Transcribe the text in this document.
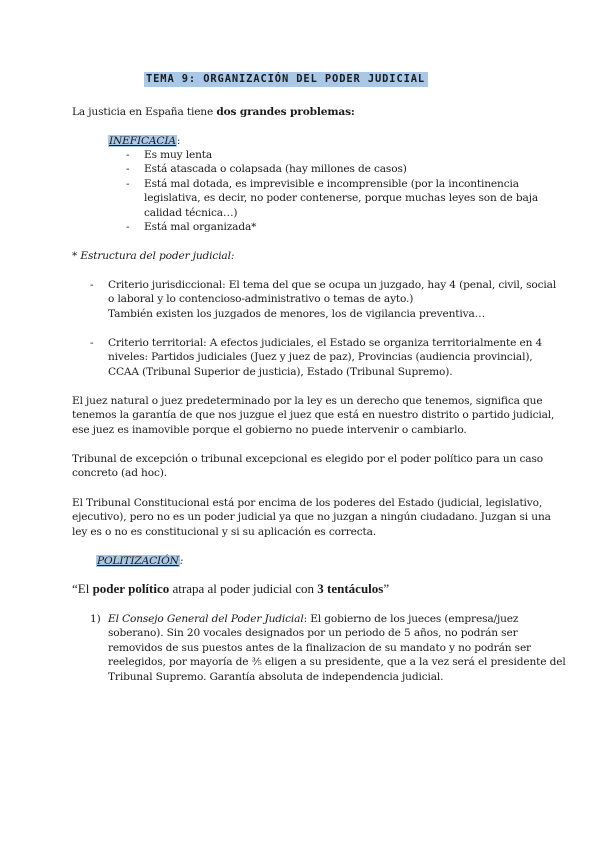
TEMA 9: ORGANIZACIÓN DEL PODER JUDICIAL
La justicia en España tiene dos grandes problemas:
INEFICACIA:
- Es muy lenta
- Está atascada o colapsada (hay millones de casos)
- Está mal dotada, es imprevisible e incomprensible (por la incontinencia
legislativa, es decir, no poder contenerse, porque muchas leyes son de baja
calidad técnica…)
- Está mal organizada*
* Estructura del poder judicial:
- Criterio jurisdiccional: El tema del que se ocupa un juzgado, hay 4 (penal, civil, social
o laboral y lo contencioso-administrativo o temas de ayto.)
También existen los juzgados de menores, los de vigilancia preventiva…
- Criterio territorial: A efectos judiciales, el Estado se organiza territorialmente en 4
niveles: Partidos judiciales (Juez y juez de paz), Provincias (audiencia provincial),
CCAA (Tribunal Superior de justicia), Estado (Tribunal Supremo).
El juez natural o juez predeterminado por la ley es un derecho que tenemos, significa que
tenemos la garantía de que nos juzgue el juez que está en nuestro distrito o partido judicial,
ese juez es inamovible porque el gobierno no puede intervenir o cambiarlo.
Tribunal de excepción o tribunal excepcional es elegido por el poder político para un caso
concreto (ad hoc).
El Tribunal Constitucional está por encima de los poderes del Estado (judicial, legislativo,
ejecutivo), pero no es un poder judicial ya que no juzgan a ningún ciudadano. Juzgan si una
ley es o no es constitucional y si su aplicación es correcta.
POLITIZACIÓN:
“El poder político atrapa al poder judicial con 3 tentáculos”
1) El Consejo General del Poder Judicial: El gobierno de los jueces (empresa/juez
soberano). Sin 20 vocales designados por un periodo de 5 años, no podrán ser
removidos de sus puestos antes de la finalizacion de su mandato y no podrán ser
reelegidos, por mayoría de ⅗ eligen a su presidente, que a la vez será el presidente del
Tribunal Supremo. Garantía absoluta de independencia judicial.
